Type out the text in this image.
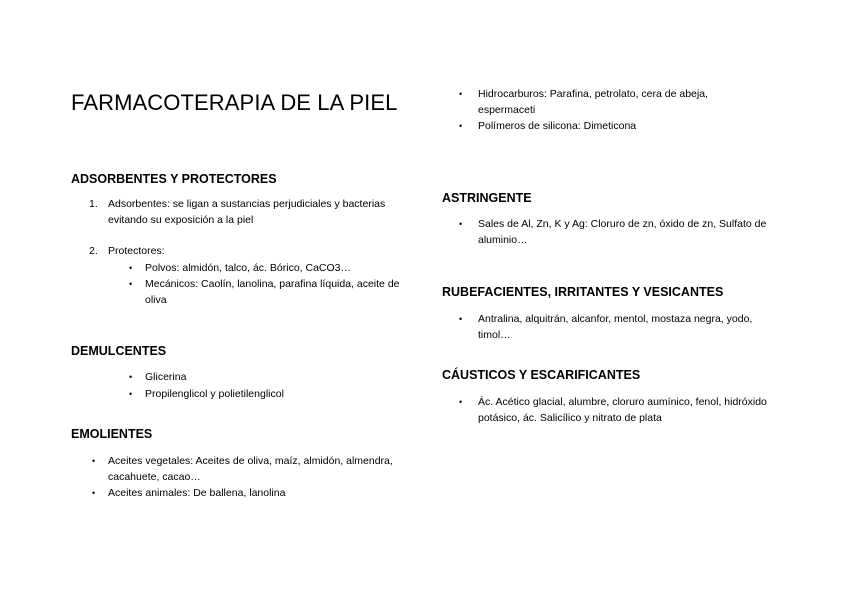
FARMACOTERAPIA DE LA PIEL
ADSORBENTES Y PROTECTORES
1. Adsorbentes: se ligan a sustancias perjudiciales y bacterias evitando su exposición a la piel
2. Protectores:
• Polvos: almidón, talco, ác. Bórico, CaCO3…
• Mecánicos: Caolín, lanolina, parafina líquida, aceite de oliva
DEMULCENTES
• Glicerina
• Propilenglicol y polietilenglicol
EMOLIENTES
• Aceites vegetales: Aceites de oliva, maíz, almidón, almendra, cacahuete, cacao…
• Aceites animales: De ballena, lanolina
• Hidrocarburos: Parafina, petrolato, cera de abeja, espermaceti
• Polímeros de silicona: Dimeticona
ASTRINGENTE
• Sales de Al, Zn, K y Ag: Cloruro de zn, óxido de zn, Sulfato de aluminio…
RUBEFACIENTES, IRRITANTES Y VESICANTES
• Antralina, alquitrán, alcanfor, mentol, mostaza negra, yodo, timol…
CÁUSTICOS Y ESCARIFICANTES
• Ác. Acético glacial, alumbre, cloruro aumínico, fenol, hidróxido potásico, ác. Salicílico y nitrato de plata
